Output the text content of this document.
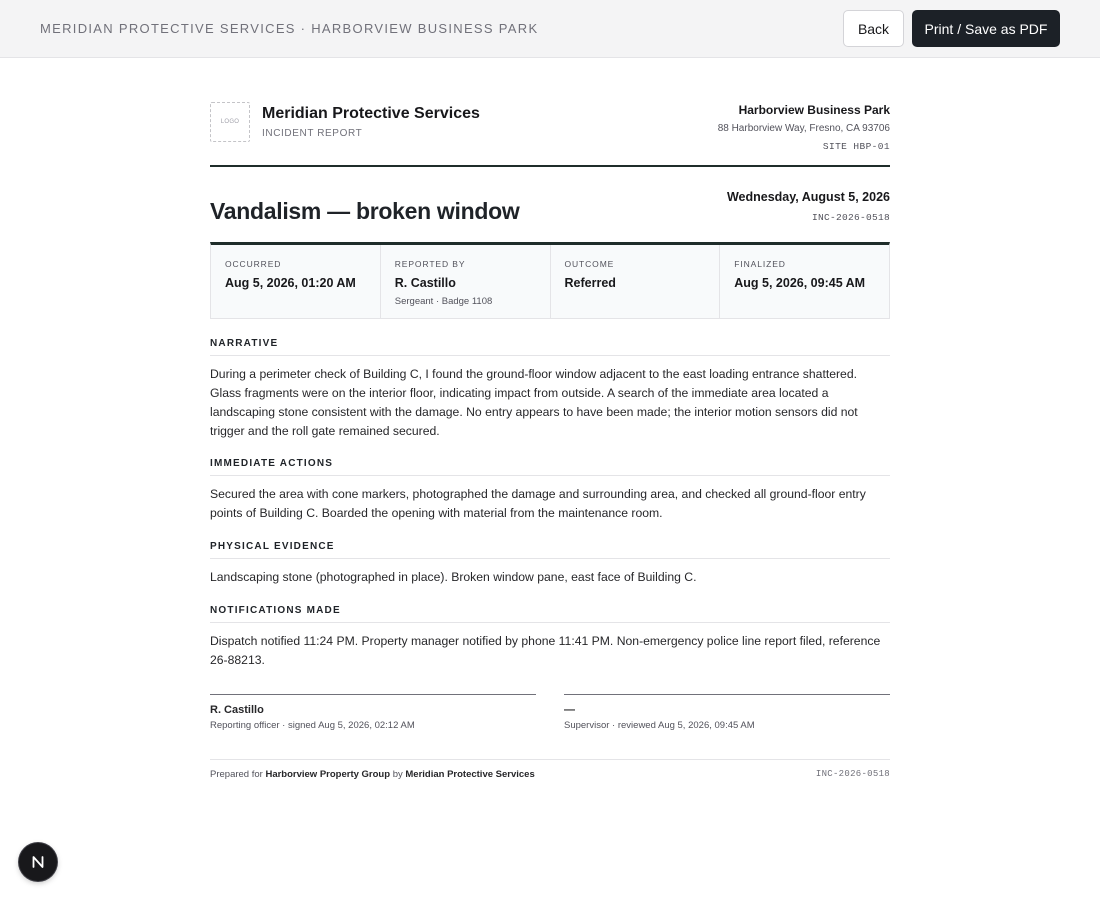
MERIDIAN PROTECTIVE SERVICES · HARBORVIEW BUSINESS PARK	Back	Print / Save as PDF
LOGO	Meridian Protective Services
INCIDENT REPORT
Harborview Business Park
88 Harborview Way, Fresno, CA 93706
SITE HBP-01
Vandalism — broken window
Wednesday, August 5, 2026
INC-2026-0518
OCCURRED
Aug 5, 2026, 01:20 AM
REPORTED BY
R. Castillo
Sergeant · Badge 1108
OUTCOME
Referred
FINALIZED
Aug 5, 2026, 09:45 AM
NARRATIVE
During a perimeter check of Building C, I found the ground-floor window adjacent to the east loading entrance shattered. Glass fragments were on the interior floor, indicating impact from outside. A search of the immediate area located a landscaping stone consistent with the damage. No entry appears to have been made; the interior motion sensors did not trigger and the roll gate remained secured.
IMMEDIATE ACTIONS
Secured the area with cone markers, photographed the damage and surrounding area, and checked all ground-floor entry points of Building C. Boarded the opening with material from the maintenance room.
PHYSICAL EVIDENCE
Landscaping stone (photographed in place). Broken window pane, east face of Building C.
NOTIFICATIONS MADE
Dispatch notified 11:24 PM. Property manager notified by phone 11:41 PM. Non-emergency police line report filed, reference 26-88213.
R. Castillo
Reporting officer · signed Aug 5, 2026, 02:12 AM
—
Supervisor · reviewed Aug 5, 2026, 09:45 AM
Prepared for Harborview Property Group by Meridian Protective Services	INC-2026-0518
